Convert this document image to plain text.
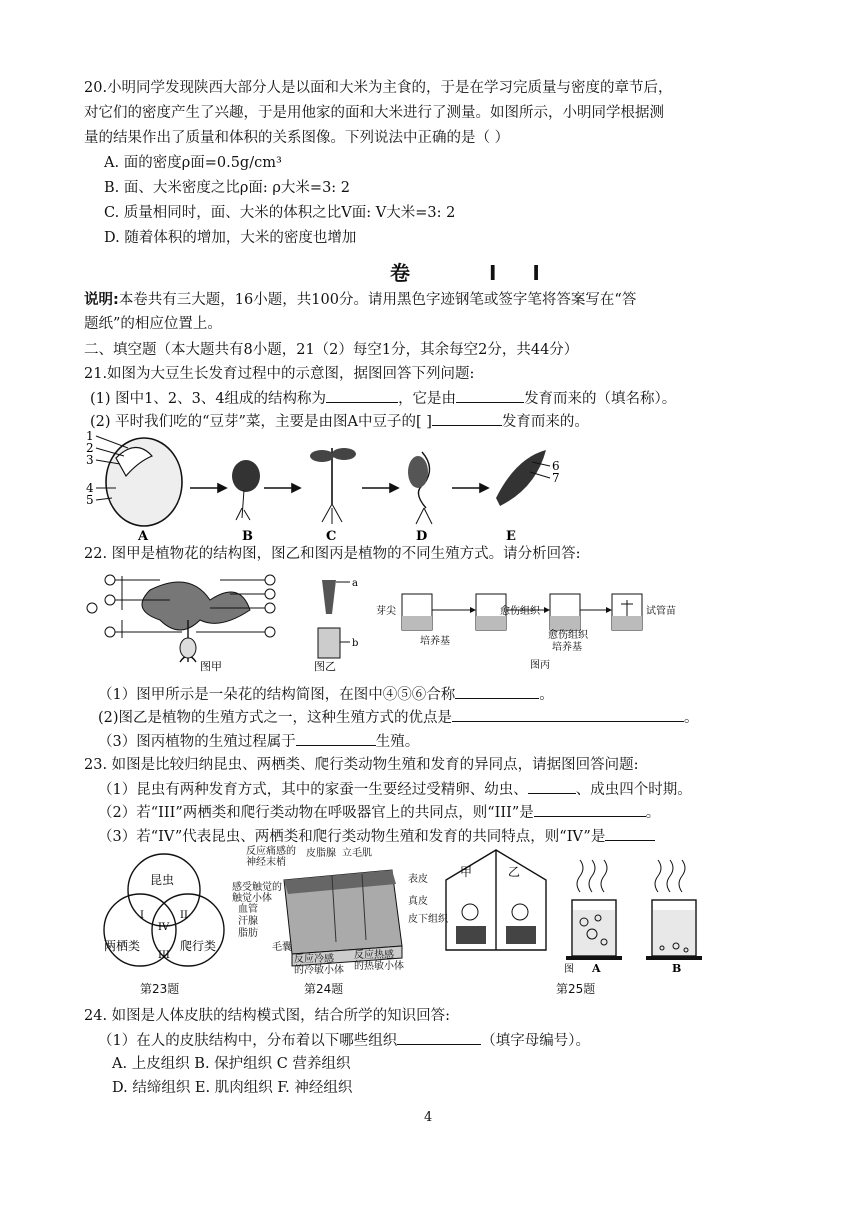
20.小明同学发现陕西大部分人是以面和大米为主食的，于是在学习完质量与密度的章节后，
对它们的密度产生了兴趣，于是用他家的面和大米进行了测量。如图所示，小明同学根据测
量的结果作出了质量和体积的关系图像。下列说法中正确的是（ ）
A. 面的密度ρ面=0.5g/cm³
B. 面、大米密度之比ρ面: ρ大米=3: 2
C. 质量相同时，面、大米的体积之比V面: V大米=3: 2
D. 随着体积的增加，大米的密度也增加
卷 II
说明:本卷共有三大题，16小题，共100分。请用黑色字迹钢笔或签字笔将答案写在“答
题纸”的相应位置上。
二、填空题（本大题共有8小题，21（2）每空1分，其余每空2分，共44分）
21.如图为大豆生长发育过程中的示意图，据图回答下列问题:
(1) 图中1、2、3、4组成的结构称为	，它是由	发育而来的（填名称）。
(2) 平时我们吃的“豆芽”菜，主要是由图A中豆子的[ ]	发育而来的。
1
2
3
4
5
6
7
A	B	C	D	E
22. 图甲是植物花的结构图，图乙和图丙是植物的不同生殖方式。请分析回答:
图甲
a
b
图乙
芽尖
培养基
愈伤组织
愈伤组织
培养基
试管苗
图丙
（1）图甲所示是一朵花的结构简图，在图中④⑤⑥合称	。
(2)图乙是植物的生殖方式之一，这种生殖方式的优点是	。
（3）图丙植物的生殖过程属于	生殖。
23. 如图是比较归纳昆虫、两栖类、爬行类动物生殖和发育的异同点，请据图回答问题:
（1）昆虫有两种发育方式，其中的家蚕一生要经过受精卵、幼虫、	、成虫四个时期。
（2）若“III”两栖类和爬行类动物在呼吸器官上的共同点，则“III”是	。
（3）若“IV”代表昆虫、两栖类和爬行类动物生殖和发育的共同特点，则“IV”是
昆虫
两栖类	爬行类
I	II
III
IV
第23题
反应痛感的
神经末梢
皮脂腺 立毛肌
感受触觉的
触觉小体
血管
汗腺
脂肪
毛囊
表皮
真皮
皮下组织
反应冷感
的冷敏小体
反应热感
的热敏小体
第24题
甲	乙
图 A	B
第25题
24. 如图是人体皮肤的结构模式图，结合所学的知识回答:
（1）在人的皮肤结构中，分布着以下哪些组织	（填字母编号）。
A. 上皮组织 B. 保护组织 C 营养组织
D. 结缔组织 E. 肌肉组织 F. 神经组织
4
